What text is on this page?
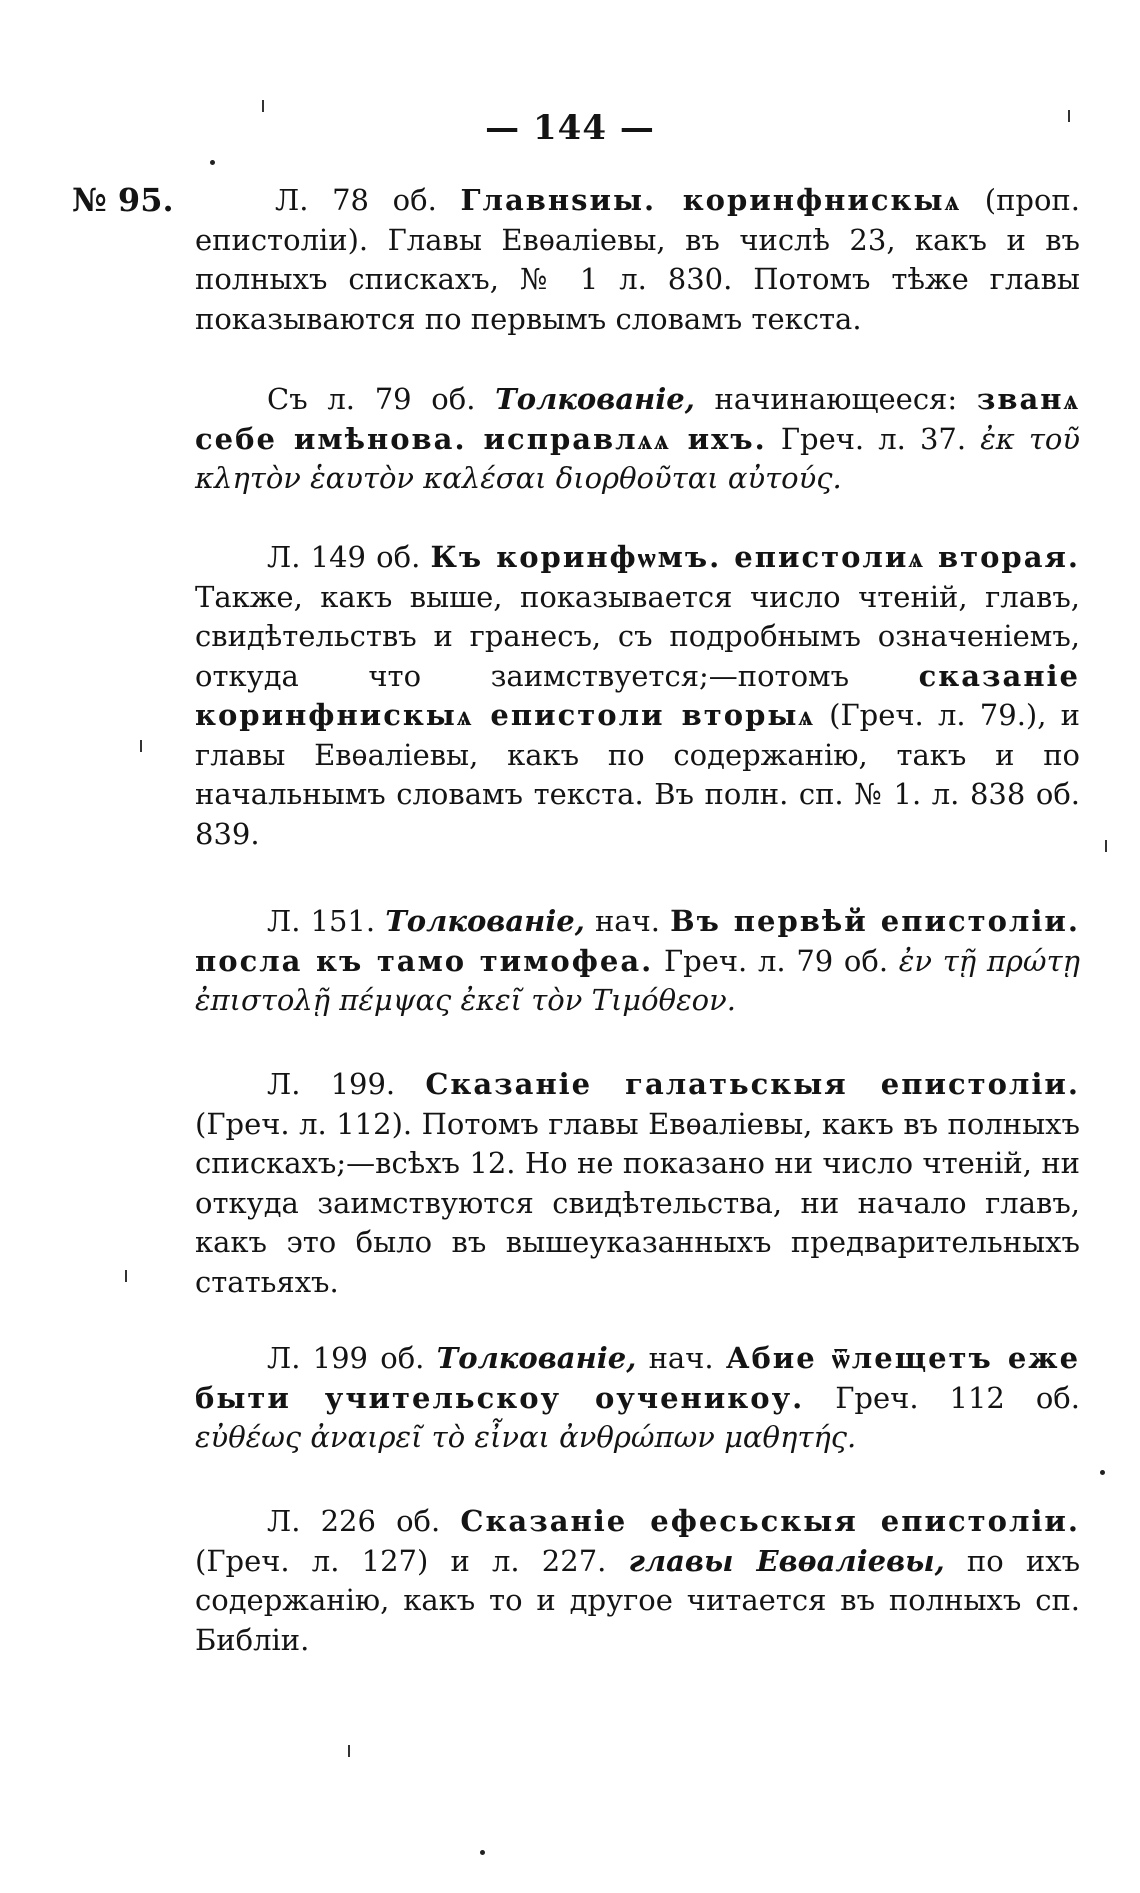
— 144 —
№ 95.	Л. 78 об. Главнѕиы. коринфнискыѧ (проп. епистоліи). Главы Евѳаліевы, въ числѣ 23, какъ и въ полныхъ спискахъ, № 1 л. 830. Потомъ тѣже главы показываются по первымъ словамъ текста.

Съ л. 79 об. Толкованіе, начинающееся: званѧ себе имѣнова. исправлѧѧ ихъ. Греч. л. 37. ἐκ τοῦ κλητὸν ἑαυτὸν καλέσαι διορθοῦται αὐτούς.

Л. 149 об. Къ коринфѡмъ. епистолиѧ вторая. Также, какъ выше, показывается число чтеній, главъ, свидѣтельствъ и гранесъ, съ подробнымъ означеніемъ, откуда что заимствуется;—потомъ сказаніе коринфнискыѧ епистоли вторыѧ (Греч. л. 79.), и главы Евѳаліевы, какъ по содержанію, такъ и по начальнымъ словамъ текста. Въ полн. сп. № 1. л. 838 об. 839.

Л. 151. Толкованіе, нач. Въ первѣй епистоліи. посла къ тамо тимофеа. Греч. л. 79 об. ἐν τῇ πρώτῃ ἐπιστολῇ πέμψας ἐκεῖ τὸν Τιμόθεον.

Л. 199. Сказаніе галатьскыя епистоліи. (Греч. л. 112). Потомъ главы Евѳаліевы, какъ въ полныхъ спискахъ;—всѣхъ 12. Но не показано ни число чтеній, ни откуда заимствуются свидѣтельства, ни начало главъ, какъ это было въ вышеуказанныхъ предварительныхъ статьяхъ.

Л. 199 об. Толкованіе, нач. Абие ѿлещетъ еже быти учительскоу оученикоу. Греч. 112 об. εὐθέως ἀναιρεῖ τὸ εἶναι ἀνθρώπων μαθητής.

Л. 226 об. Сказаніе ефесьскыя епистоліи. (Греч. л. 127) и л. 227. главы Евѳаліевы, по ихъ содержанію, какъ то и другое читается въ полныхъ сп. Библіи.
